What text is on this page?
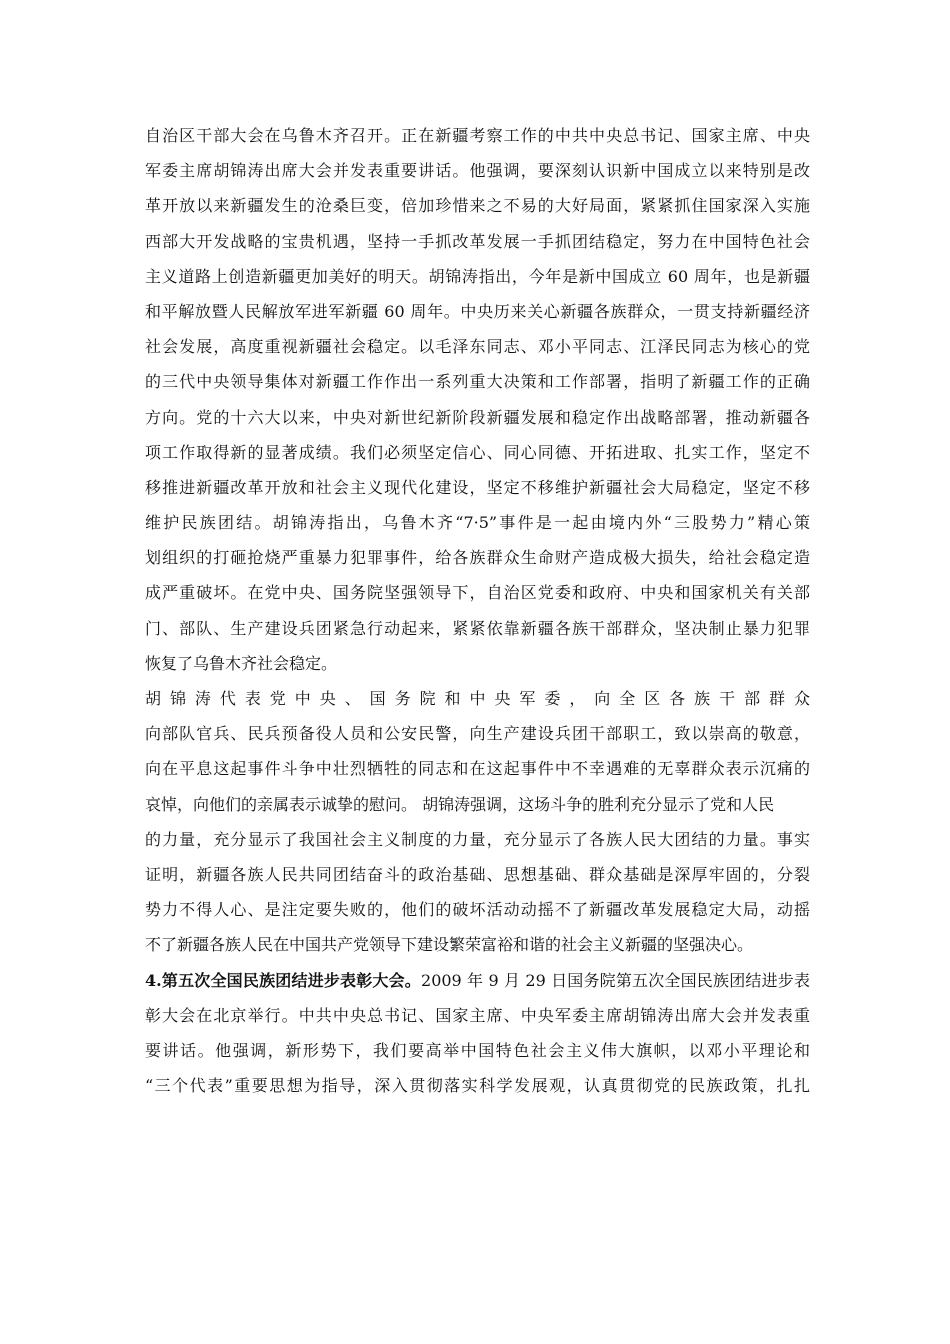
自治区干部大会在乌鲁木齐召开。正在新疆考察工作的中共中央总书记、国家主席、中央
军委主席胡锦涛出席大会并发表重要讲话。他强调，要深刻认识新中国成立以来特别是改
革开放以来新疆发生的沧桑巨变，倍加珍惜来之不易的大好局面，紧紧抓住国家深入实施
西部大开发战略的宝贵机遇，坚持一手抓改革发展一手抓团结稳定，努力在中国特色社会
主义道路上创造新疆更加美好的明天。胡锦涛指出，今年是新中国成立 60 周年，也是新疆
和平解放暨人民解放军进军新疆 60 周年。中央历来关心新疆各族群众，一贯支持新疆经济
社会发展，高度重视新疆社会稳定。以毛泽东同志、邓小平同志、江泽民同志为核心的党
的三代中央领导集体对新疆工作作出一系列重大决策和工作部署，指明了新疆工作的正确
方向。党的十六大以来，中央对新世纪新阶段新疆发展和稳定作出战略部署，推动新疆各
项工作取得新的显著成绩。我们必须坚定信心、同心同德、开拓进取、扎实工作，坚定不
移推进新疆改革开放和社会主义现代化建设，坚定不移维护新疆社会大局稳定，坚定不移
维护民族团结。胡锦涛指出，乌鲁木齐“7·5”事件是一起由境内外“三股势力”精心策
划组织的打砸抢烧严重暴力犯罪事件，给各族群众生命财产造成极大损失，给社会稳定造
成严重破坏。在党中央、国务院坚强领导下，自治区党委和政府、中央和国家机关有关部
门、部队、生产建设兵团紧急行动起来，紧紧依靠新疆各族干部群众，坚决制止暴力犯罪
恢复了乌鲁木齐社会稳定。
胡锦涛代表党中央、国务院和中央军委，向全区各族干部群众
向部队官兵、民兵预备役人员和公安民警，向生产建设兵团干部职工，致以崇高的敬意，
向在平息这起事件斗争中壮烈牺牲的同志和在这起事件中不幸遇难的无辜群众表示沉痛的
哀悼，向他们的亲属表示诚挚的慰问。 胡锦涛强调，这场斗争的胜利充分显示了党和人民
的力量，充分显示了我国社会主义制度的力量，充分显示了各族人民大团结的力量。事实
证明，新疆各族人民共同团结奋斗的政治基础、思想基础、群众基础是深厚牢固的，分裂
势力不得人心、是注定要失败的，他们的破坏活动动摇不了新疆改革发展稳定大局，动摇
不了新疆各族人民在中国共产党领导下建设繁荣富裕和谐的社会主义新疆的坚强决心。
4.第五次全国民族团结进步表彰大会。2009 年 9 月 29 日国务院第五次全国民族团结进步表
彰大会在北京举行。中共中央总书记、国家主席、中央军委主席胡锦涛出席大会并发表重
要讲话。他强调，新形势下，我们要高举中国特色社会主义伟大旗帜，以邓小平理论和
“三个代表”重要思想为指导，深入贯彻落实科学发展观，认真贯彻党的民族政策，扎扎
